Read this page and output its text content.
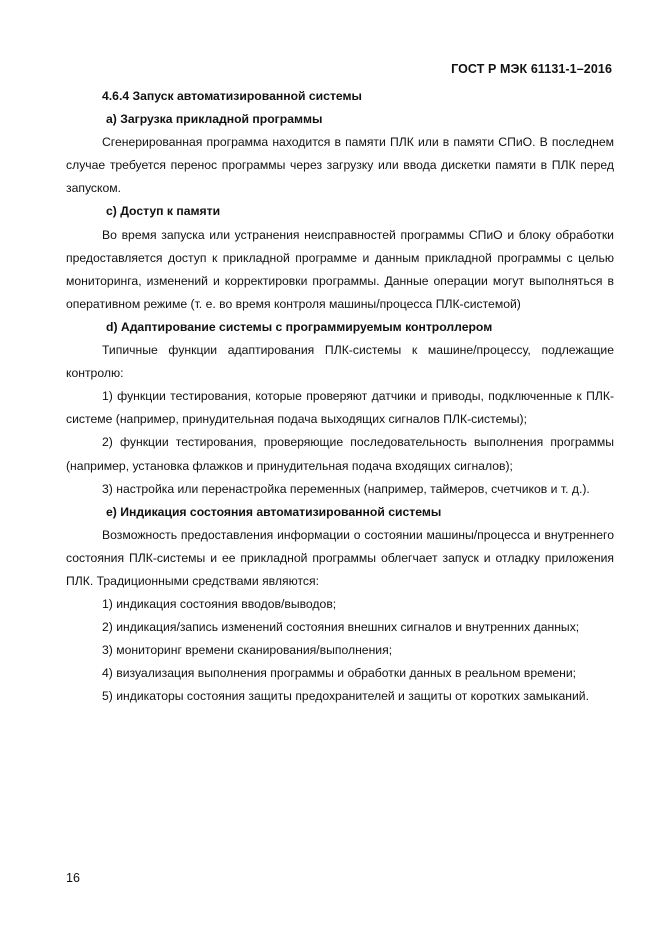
ГОСТ Р МЭК 61131-1–2016

4.6.4 Запуск автоматизированной системы

а) Загрузка прикладной программы

Сгенерированная программа находится в памяти ПЛК или в памяти СПиО. В последнем случае требуется перенос программы через загрузку или ввода дискетки памяти в ПЛК перед запуском.

с) Доступ к памяти

Во время запуска или устранения неисправностей программы СПиО и блоку обработки предоставляется доступ к прикладной программе и данным прикладной программы с целью мониторинга, изменений и корректировки программы. Данные операции могут выполняться в оперативном режиме (т. е. во время контроля машины/процесса ПЛК-системой)

d) Адаптирование системы с программируемым контроллером

Типичные функции адаптирования ПЛК-системы к машине/процессу, подлежащие контролю:

1) функции тестирования, которые проверяют датчики и приводы, подключенные к ПЛК-системе (например, принудительная подача выходящих сигналов ПЛК-системы);

2) функции тестирования, проверяющие последовательность выполнения программы (например, установка флажков и принудительная подача входящих сигналов);

3) настройка или перенастройка переменных (например, таймеров, счетчиков и т. д.).

е) Индикация состояния автоматизированной системы

Возможность предоставления информации о состоянии машины/процесса и внутреннего состояния ПЛК-системы и ее прикладной программы облегчает запуск и отладку приложения ПЛК. Традиционными средствами являются:

1) индикация состояния вводов/выводов;

2) индикация/запись изменений состояния внешних сигналов и внутренних данных;

3) мониторинг времени сканирования/выполнения;

4) визуализация выполнения программы и обработки данных в реальном времени;

5) индикаторы состояния защиты предохранителей и защиты от коротких замыканий.

16
